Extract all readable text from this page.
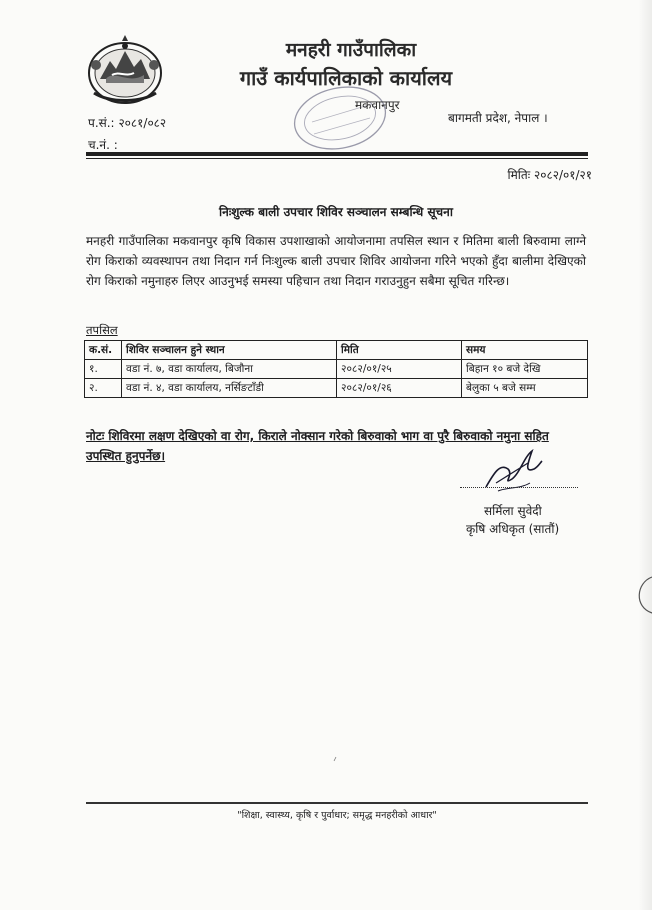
मनहरी गाउँपालिका
गाउँ कार्यपालिकाको कार्यालय
मकवानपुर
प.सं.: २०८१/०८२
च.नं. :
बागमती प्रदेश, नेपाल ।
मितिः २०८२/०१/२१
निःशुल्क बाली उपचार शिविर सञ्चालन सम्बन्धि सूचना
मनहरी गाउँपालिका मकवानपुर कृषि विकास उपशाखाको आयोजनामा तपसिल स्थान र मितिमा बाली बिरुवामा लाग्ने रोग किराको व्यवस्थापन तथा निदान गर्न निःशुल्क बाली उपचार शिविर आयोजना गरिने भएको हुँदा बालीमा देखिएको रोग किराको नमुनाहरु लिएर आउनुभई समस्या पहिचान तथा निदान गराउनुहुन सबैमा सूचित गरिन्छ।
तपसिल
क.सं.	शिविर सञ्चालन हुने स्थान	मिति	समय
१.	वडा नं. ७, वडा कार्यालय, बिजौना	२०८२/०१/२५	बिहान १० बजे देखि
२.	वडा नं. ४, वडा कार्यालय, नर्सिङटाँडी	२०८२/०१/२६	बेलुका ५ बजे सम्म
नोटः शिविरमा लक्षण देखिएको वा रोग, किराले नोक्सान गरेको बिरुवाको भाग वा पुरै बिरुवाको नमुना सहित उपस्थित हुनुपर्नेछ।
सर्मिला सुवेदी
कृषि अधिकृत (सातौं)
"शिक्षा, स्वास्थ्य, कृषि र पुर्वाधार; समृद्ध मनहरीको आधार"
